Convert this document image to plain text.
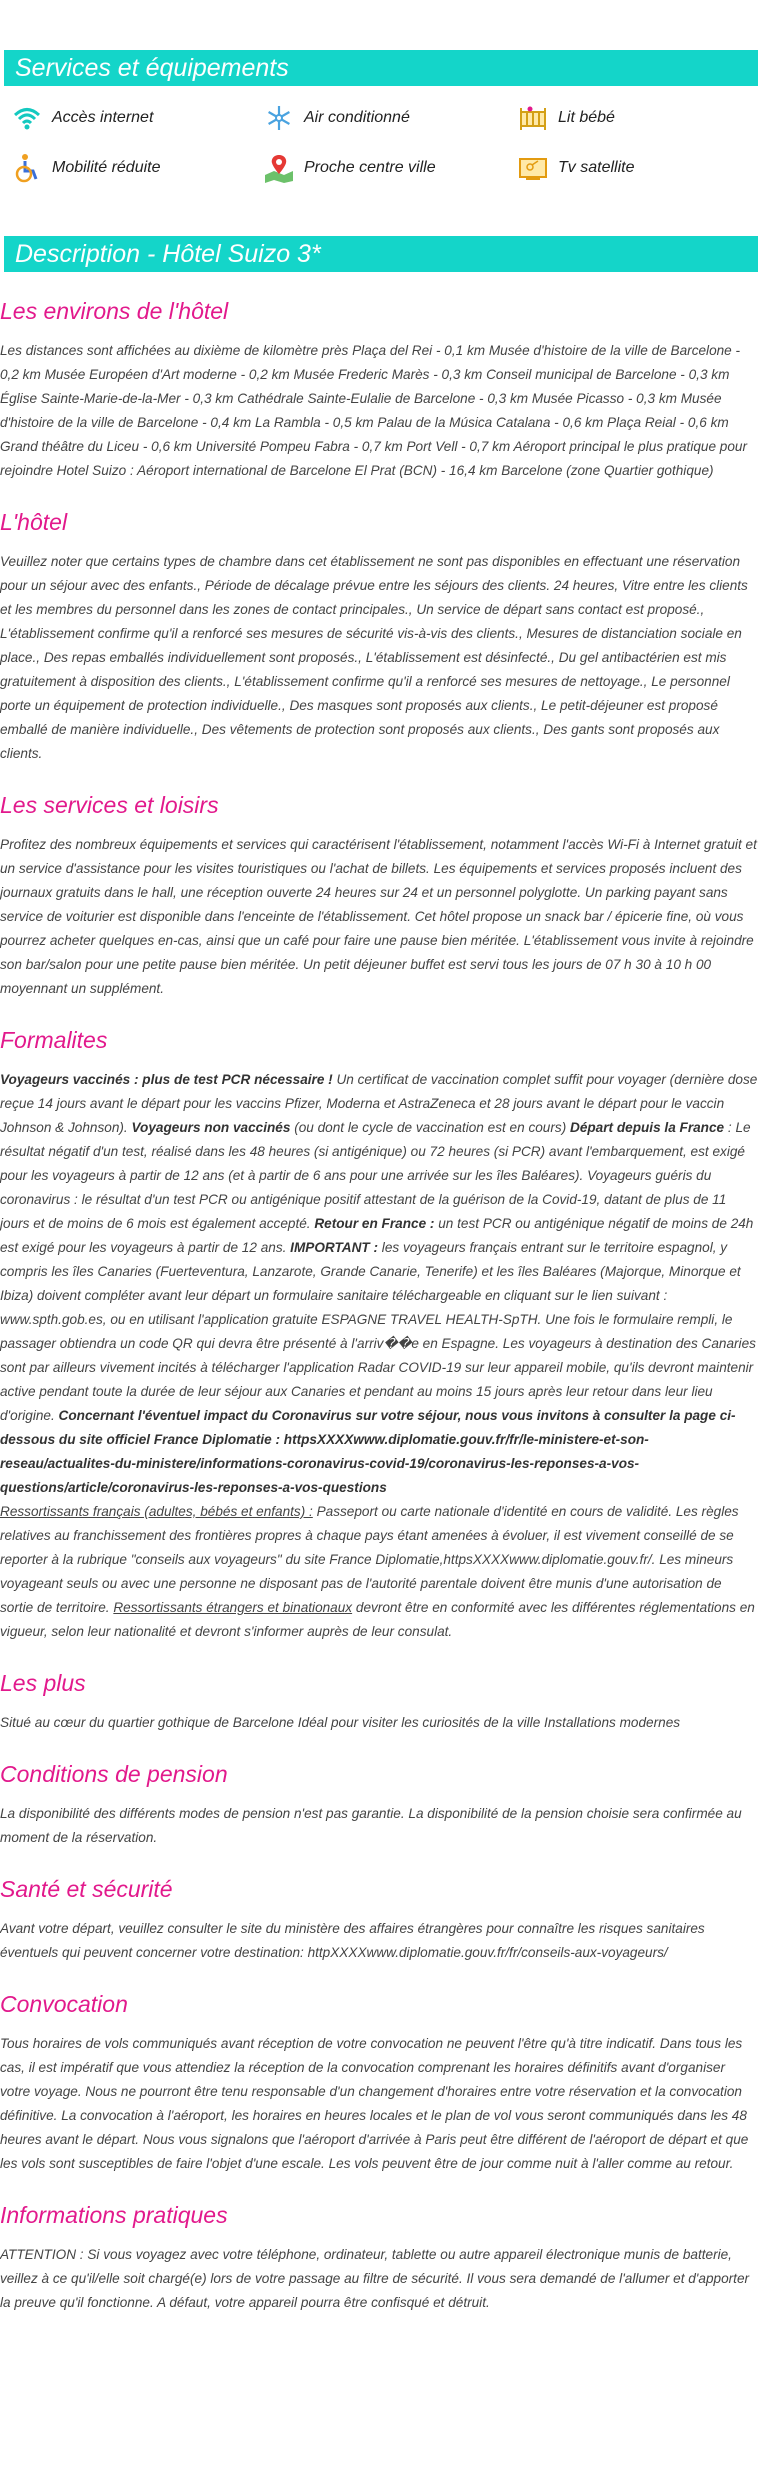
Services et équipements
Accès internet	Air conditionné	Lit bébé
Mobilité réduite	Proche centre ville	Tv satellite
Description - Hôtel Suizo 3*
Les environs de l'hôtel

Les distances sont affichées au dixième de kilomètre près Plaça del Rei - 0,1 km Musée d'histoire de la ville de Barcelone - 0,2 km Musée Européen d'Art moderne - 0,2 km Musée Frederic Marès - 0,3 km Conseil municipal de Barcelone - 0,3 km Église Sainte-Marie-de-la-Mer - 0,3 km Cathédrale Sainte-Eulalie de Barcelone - 0,3 km Musée Picasso - 0,3 km Musée d'histoire de la ville de Barcelone - 0,4 km La Rambla - 0,5 km Palau de la Música Catalana - 0,6 km Plaça Reial - 0,6 km Grand théâtre du Liceu - 0,6 km Université Pompeu Fabra - 0,7 km Port Vell - 0,7 km Aéroport principal le plus pratique pour rejoindre Hotel Suizo : Aéroport international de Barcelone El Prat (BCN) - 16,4 km Barcelone (zone Quartier gothique)

L'hôtel

Veuillez noter que certains types de chambre dans cet établissement ne sont pas disponibles en effectuant une réservation pour un séjour avec des enfants., Période de décalage prévue entre les séjours des clients. 24 heures, Vitre entre les clients et les membres du personnel dans les zones de contact principales., Un service de départ sans contact est proposé., L'établissement confirme qu'il a renforcé ses mesures de sécurité vis-à-vis des clients., Mesures de distanciation sociale en place., Des repas emballés individuellement sont proposés., L'établissement est désinfecté., Du gel antibactérien est mis gratuitement à disposition des clients., L'établissement confirme qu'il a renforcé ses mesures de nettoyage., Le personnel porte un équipement de protection individuelle., Des masques sont proposés aux clients., Le petit-déjeuner est proposé emballé de manière individuelle., Des vêtements de protection sont proposés aux clients., Des gants sont proposés aux clients.

Les services et loisirs

Profitez des nombreux équipements et services qui caractérisent l'établissement, notamment l'accès Wi-Fi à Internet gratuit et un service d'assistance pour les visites touristiques ou l'achat de billets. Les équipements et services proposés incluent des journaux gratuits dans le hall, une réception ouverte 24 heures sur 24 et un personnel polyglotte. Un parking payant sans service de voiturier est disponible dans l'enceinte de l'établissement. Cet hôtel propose un snack bar / épicerie fine, où vous pourrez acheter quelques en-cas, ainsi que un café pour faire une pause bien méritée. L'établissement vous invite à rejoindre son bar/salon pour une petite pause bien méritée. Un petit déjeuner buffet est servi tous les jours de 07 h 30 à 10 h 00 moyennant un supplément.

Formalites

Voyageurs vaccinés : plus de test PCR nécessaire ! Un certificat de vaccination complet suffit pour voyager (dernière dose reçue 14 jours avant le départ pour les vaccins Pfizer, Moderna et AstraZeneca et 28 jours avant le départ pour le vaccin Johnson & Johnson). Voyageurs non vaccinés (ou dont le cycle de vaccination est en cours) Départ depuis la France : Le résultat négatif d'un test, réalisé dans les 48 heures (si antigénique) ou 72 heures (si PCR) avant l'embarquement, est exigé pour les voyageurs à partir de 12 ans (et à partir de 6 ans pour une arrivée sur les îles Baléares). Voyageurs guéris du coronavirus : le résultat d'un test PCR ou antigénique positif attestant de la guérison de la Covid-19, datant de plus de 11 jours et de moins de 6 mois est également accepté. Retour en France : un test PCR ou antigénique négatif de moins de 24h est exigé pour les voyageurs à partir de 12 ans. IMPORTANT : les voyageurs français entrant sur le territoire espagnol, y compris les îles Canaries (Fuerteventura, Lanzarote, Grande Canarie, Tenerife) et les îles Baléares (Majorque, Minorque et Ibiza) doivent compléter avant leur départ un formulaire sanitaire téléchargeable en cliquant sur le lien suivant : www.spth.gob.es, ou en utilisant l'application gratuite ESPAGNE TRAVEL HEALTH-SpTH. Une fois le formulaire rempli, le passager obtiendra un code QR qui devra être présenté à l'arriv��e en Espagne. Les voyageurs à destination des Canaries sont par ailleurs vivement incités à télécharger l'application Radar COVID-19 sur leur appareil mobile, qu'ils devront maintenir active pendant toute la durée de leur séjour aux Canaries et pendant au moins 15 jours après leur retour dans leur lieu d'origine. Concernant l'éventuel impact du Coronavirus sur votre séjour, nous vous invitons à consulter la page ci-dessous du site officiel France Diplomatie : httpsXXXXwww.diplomatie.gouv.fr/fr/le-ministere-et-son-reseau/actualites-du-ministere/informations-coronavirus-covid-19/coronavirus-les-reponses-a-vos-questions/article/coronavirus-les-reponses-a-vos-questions
Ressortissants français (adultes, bébés et enfants) : Passeport ou carte nationale d'identité en cours de validité. Les règles relatives au franchissement des frontières propres à chaque pays étant amenées à évoluer, il est vivement conseillé de se reporter à la rubrique "conseils aux voyageurs" du site France Diplomatie,httpsXXXXwww.diplomatie.gouv.fr/. Les mineurs voyageant seuls ou avec une personne ne disposant pas de l'autorité parentale doivent être munis d'une autorisation de sortie de territoire. Ressortissants étrangers et binationaux devront être en conformité avec les différentes réglementations en vigueur, selon leur nationalité et devront s'informer auprès de leur consulat.

Les plus

Situé au cœur du quartier gothique de Barcelone Idéal pour visiter les curiosités de la ville Installations modernes

Conditions de pension

La disponibilité des différents modes de pension n'est pas garantie. La disponibilité de la pension choisie sera confirmée au moment de la réservation.

Santé et sécurité

Avant votre départ, veuillez consulter le site du ministère des affaires étrangères pour connaître les risques sanitaires éventuels qui peuvent concerner votre destination: httpXXXXwww.diplomatie.gouv.fr/fr/conseils-aux-voyageurs/

Convocation

Tous horaires de vols communiqués avant réception de votre convocation ne peuvent l'être qu'à titre indicatif. Dans tous les cas, il est impératif que vous attendiez la réception de la convocation comprenant les horaires définitifs avant d'organiser votre voyage. Nous ne pourront être tenu responsable d'un changement d'horaires entre votre réservation et la convocation définitive. La convocation à l'aéroport, les horaires en heures locales et le plan de vol vous seront communiqués dans les 48 heures avant le départ. Nous vous signalons que l'aéroport d'arrivée à Paris peut être différent de l'aéroport de départ et que les vols sont susceptibles de faire l'objet d'une escale. Les vols peuvent être de jour comme nuit à l'aller comme au retour.

Informations pratiques

ATTENTION : Si vous voyagez avec votre téléphone, ordinateur, tablette ou autre appareil électronique munis de batterie, veillez à ce qu'il/elle soit chargé(e) lors de votre passage au filtre de sécurité. Il vous sera demandé de l'allumer et d'apporter la preuve qu'il fonctionne. A défaut, votre appareil pourra être confisqué et détruit.
